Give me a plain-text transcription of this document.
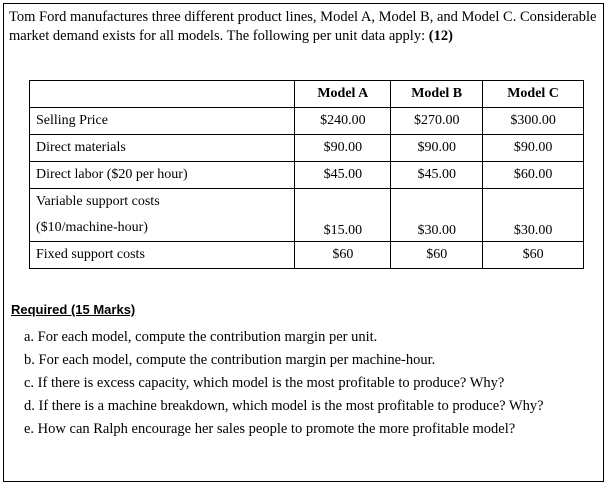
Tom Ford manufactures three different product lines, Model A, Model B, and Model C. Considerable market demand exists for all models. The following per unit data apply: (12)
	Model A	Model B	Model C
Selling Price	$240.00	$270.00	$300.00
Direct materials	$90.00	$90.00	$90.00
Direct labor ($20 per hour)	$45.00	$45.00	$60.00

Variable support costs
($10/machine-hour)	$15.00	$30.00	$30.00
Fixed support costs	$60	$60	$60
Required (15 Marks)
a. For each model, compute the contribution margin per unit.
b. For each model, compute the contribution margin per machine-hour.
c. If there is excess capacity, which model is the most profitable to produce? Why?
d. If there is a machine breakdown, which model is the most profitable to produce? Why?
e. How can Ralph encourage her sales people to promote the more profitable model?
